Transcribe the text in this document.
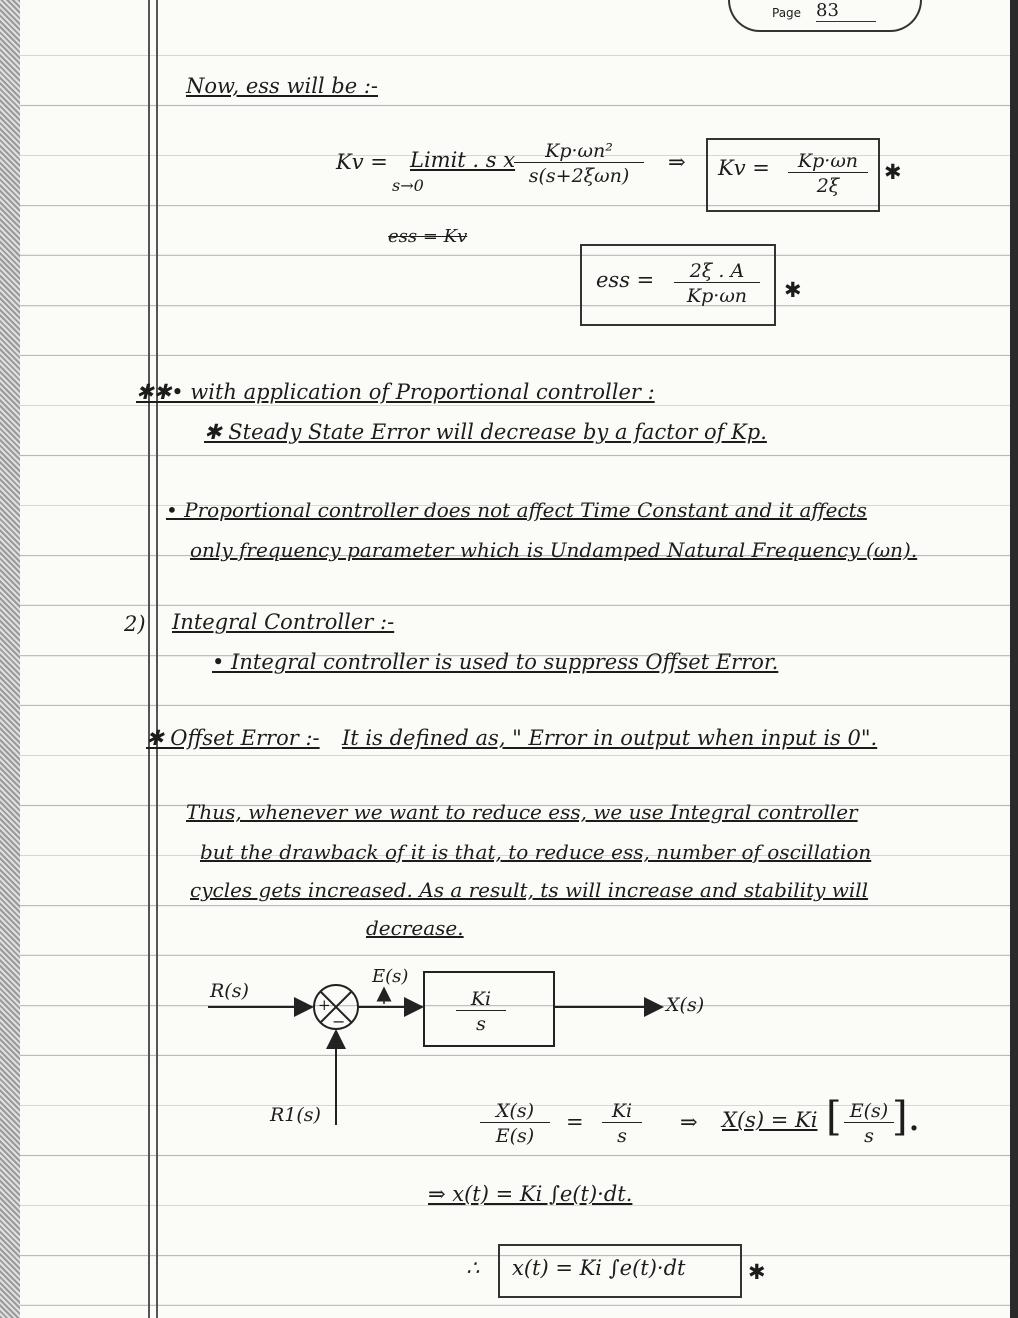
Page 83
Now, ess will be :-
Kv = Limit . s x
s→0
Kp·ωn²
s(s+2ξωn)
⇒ $Kv = \frac{Kp\cdot\omega n}{2\xi}$ ✱
ess = Kv
ess = $\frac{2\xi . A}{Kp\cdot\omega n}$ ✱
✱✱• with application of Proportional controller :
✱ Steady State Error will decrease by a factor of Kp.
• Proportional controller does not affect Time Constant and it affects
only frequency parameter which is Undamped Natural Frequency (ωn).
2) Integral Controller :-
• Integral controller is used to suppress Offset Error.
✱ Offset Error :- It is defined as, " Error in output when input is 0".
Thus, whenever we want to reduce ess, we use Integral controller
but the drawback of it is that, to reduce ess, number of oscillation
cycles gets increased. As a result, ts will increase and stability will
decrease.
R(s)
+
−
E(s)
$\frac{Ki}{s}$	X(s)
R1(s)	$\frac{X(s)}{E(s)} = \frac{Ki}{s}$ ⇒ X(s) = Ki [ $\frac{E(s)}{s}$
].
⇒ x(t) = Ki ∫e(t)·dt.
∴ x(t) = Ki ∫e(t)·dt	✱
